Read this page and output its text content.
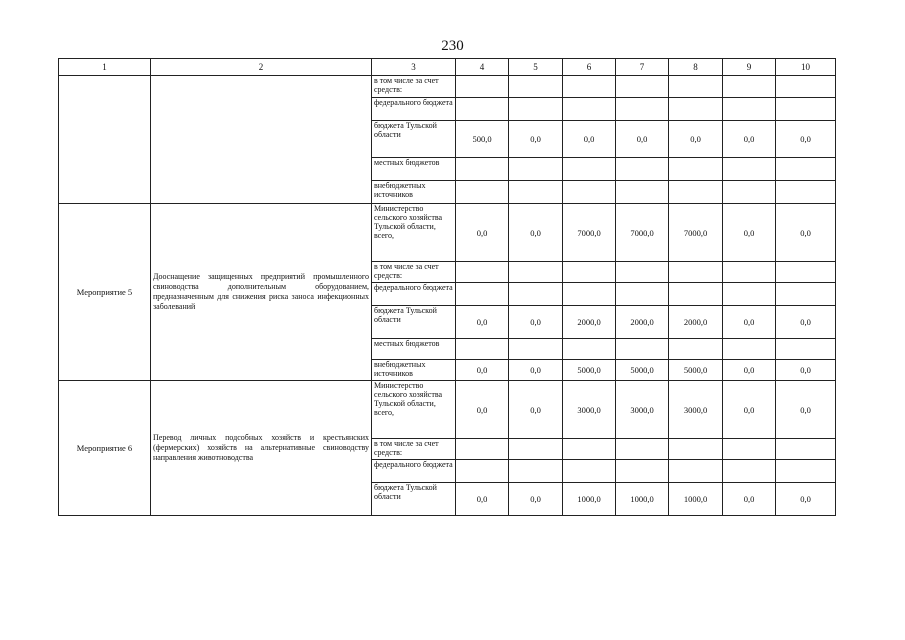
230
1	2	3	4	5	6	7	8	9	10
		в том числе за счет средств:							
		федерального бюджета							
		бюджета Тульской области	500,0	0,0	0,0	0,0	0,0	0,0	0,0
		местных бюджетов							
		внебюджетных источников							
Мероприятие 5	Дооснащение защищенных предприятий промышленного свиноводства дополнительным оборудованием, предназначенным для снижения риска заноса инфекционных заболеваний	Министерство сельского хозяйства Тульской области, всего,	0,0	0,0	7000,0	7000,0	7000,0	0,0	0,0
		в том числе за счет средств:							
		федерального бюджета							
		бюджета Тульской области	0,0	0,0	2000,0	2000,0	2000,0	0,0	0,0
		местных бюджетов							
		внебюджетных источников	0,0	0,0	5000,0	5000,0	5000,0	0,0	0,0
Мероприятие 6	Перевод личных подсобных хозяйств и крестьянских (фермерских) хозяйств на альтернативные свиноводству направления животноводства	Министерство сельского хозяйства Тульской области, всего,	0,0	0,0	3000,0	3000,0	3000,0	0,0	0,0
		в том числе за счет средств:							
		федерального бюджета							
		бюджета Тульской области	0,0	0,0	1000,0	1000,0	1000,0	0,0	0,0
